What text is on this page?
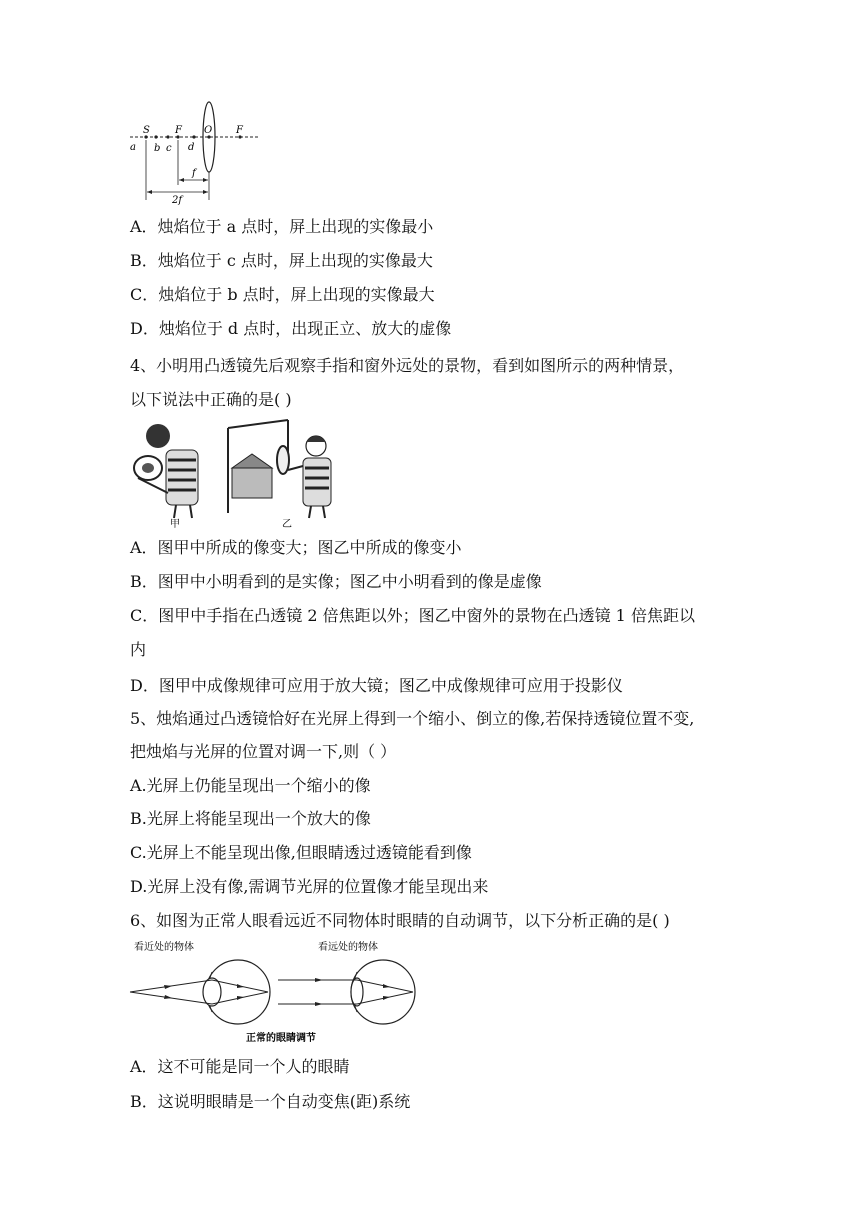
a
S
b c
F
d
O F
f
2f
A．烛焰位于 a 点时，屏上出现的实像最小
B．烛焰位于 c 点时，屏上出现的实像最大
C．烛焰位于 b 点时，屏上出现的实像最大
D．烛焰位于 d 点时，出现正立、放大的虚像
4、小明用凸透镜先后观察手指和窗外远处的景物，看到如图所示的两种情景，
以下说法中正确的是( )
甲	乙
A．图甲中所成的像变大；图乙中所成的像变小
B．图甲中小明看到的是实像；图乙中小明看到的像是虚像
C．图甲中手指在凸透镜 2 倍焦距以外；图乙中窗外的景物在凸透镜 1 倍焦距以
内
D．图甲中成像规律可应用于放大镜；图乙中成像规律可应用于投影仪
5、烛焰通过凸透镜恰好在光屏上得到一个缩小、倒立的像,若保持透镜位置不变,
把烛焰与光屏的位置对调一下,则（ ）
A.光屏上仍能呈现出一个缩小的像
B.光屏上将能呈现出一个放大的像
C.光屏上不能呈现出像,但眼睛透过透镜能看到像
D.光屏上没有像,需调节光屏的位置像才能呈现出来
6、如图为正常人眼看远近不同物体时眼睛的自动调节，以下分析正确的是( )
看近处的物体	看远处的物体
正常的眼睛调节
A．这不可能是同一个人的眼睛
B．这说明眼睛是一个自动变焦(距)系统
